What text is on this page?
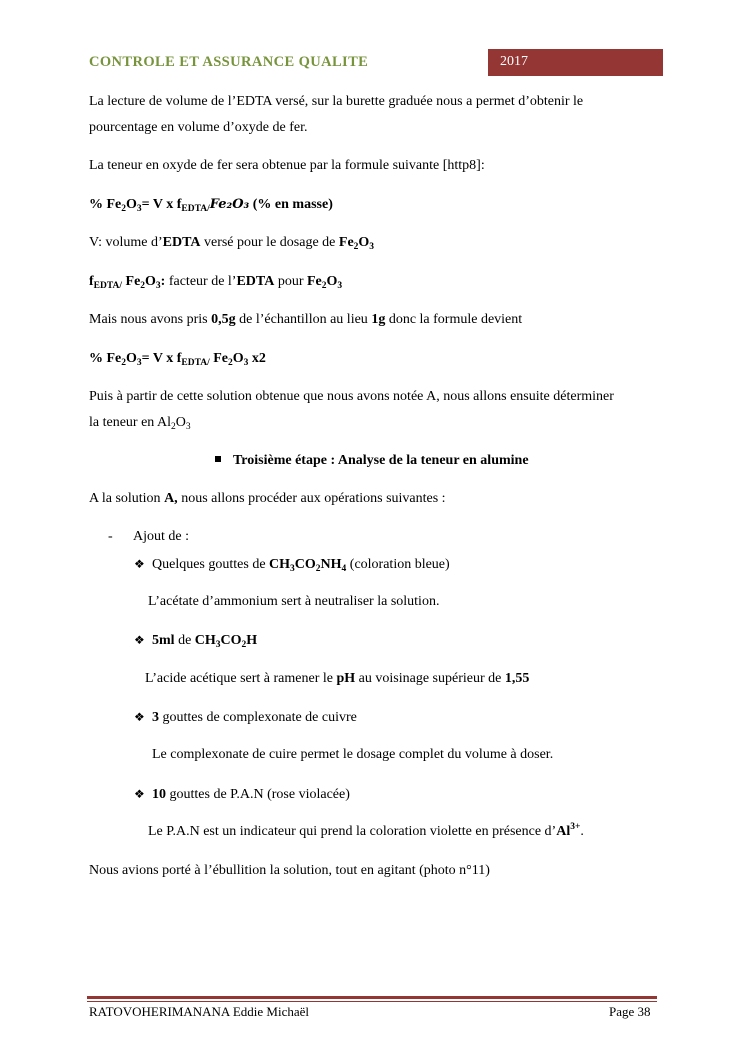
CONTROLE ET ASSURANCE QUALITE	2017
La lecture de volume de l’EDTA versé, sur la burette graduée nous a permet d’obtenir le
pourcentage en volume d’oxyde de fer.
La teneur en oxyde de fer sera obtenue par la formule suivante [http8]:
% $Fe_2O_3= V$ x $f_{EDTA/}Fe_2O_3$ (% en masse)
V: volume d’EDTA versé pour le dosage de $Fe_2O_3$
$f_{EDTA/}$ $Fe_2O_3$: facteur de l’EDTA pour $Fe_2O_3$
Mais nous avons pris 0,5g de l’échantillon au lieu 1g donc la formule devient
% $Fe_2O_3= V$ x $f_{EDTA/}$ $Fe_2O_3$ x2
Puis à partir de cette solution obtenue que nous avons notée A, nous allons ensuite déterminer
la teneur en $Al_2O_3$
Troisième étape : Analyse de la teneur en alumine
A la solution A, nous allons procéder aux opérations suivantes :
- Ajout de :
❖ Quelques gouttes de $CH_3CO_2NH_4$ (coloration bleue)
L’acétate d’ammonium sert à neutraliser la solution.
❖ 5ml de $CH_3CO_2H$
L’acide acétique sert à ramener le pH au voisinage supérieur de 1,55
❖ 3 gouttes de complexonate de cuivre
Le complexonate de cuire permet le dosage complet du volume à doser.
❖ 10 gouttes de P.A.N (rose violacée)
Le P.A.N est un indicateur qui prend la coloration violette en présence $d’Al^{3+}$.
Nous avions porté à l’ébullition la solution, tout en agitant (photo n°11)
RATOVOHERIMANANA Eddie Michaël	Page 38
